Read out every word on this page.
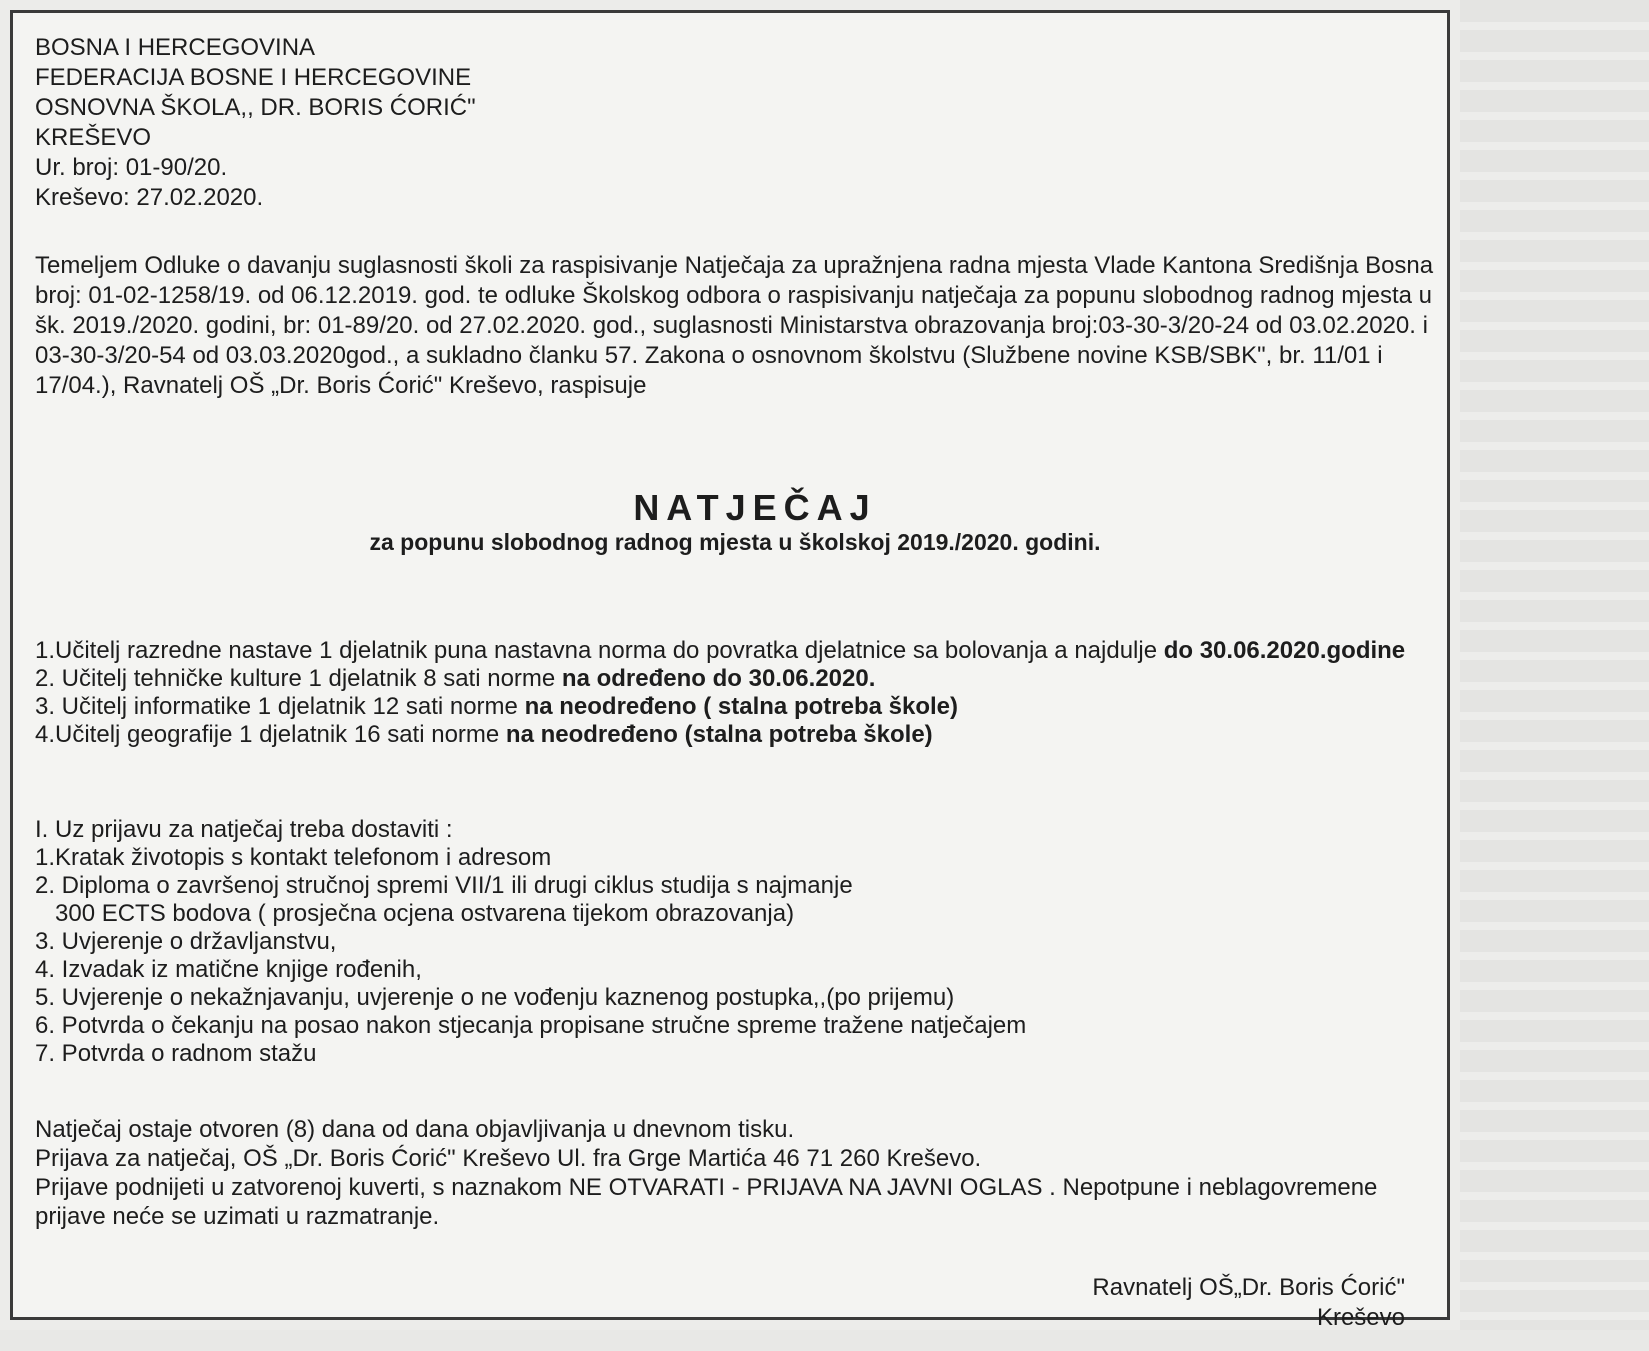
BOSNA I HERCEGOVINA
FEDERACIJA BOSNE I HERCEGOVINE
OSNOVNA ŠKOLA,, DR. BORIS ĆORIĆ"
KREŠEVO
Ur. broj: 01-90/20.
Kreševo: 27.02.2020.
Temeljem Odluke o davanju suglasnosti školi za raspisivanje Natječaja za upražnjena radna mjesta Vlade Kantona Središnja Bosna broj: 01-02-1258/19. od 06.12.2019. god. te odluke Školskog odbora o raspisivanju natječaja za popunu slobodnog radnog mjesta u šk. 2019./2020. godini, br: 01-89/20. od 27.02.2020. god., suglasnosti Ministarstva obrazovanja broj:03-30-3/20-24 od 03.02.2020. i 03-30-3/20-54 od 03.03.2020god., a sukladno članku 57. Zakona o osnovnom školstvu (Službene novine KSB/SBK", br. 11/01 i 17/04.), Ravnatelj OŠ „Dr. Boris Ćorić" Kreševo, raspisuje
NATJEČAJ
za popunu slobodnog radnog mjesta u školskoj 2019./2020. godini.
1.Učitelj razredne nastave 1 djelatnik puna nastavna norma do povratka djelatnice sa bolovanja a najdulje do 30.06.2020.godine
2. Učitelj tehničke kulture 1 djelatnik 8 sati norme na određeno do 30.06.2020.
3. Učitelj informatike 1 djelatnik 12 sati norme na neodređeno ( stalna potreba škole)
4.Učitelj geografije 1 djelatnik 16 sati norme na neodređeno (stalna potreba škole)
I. Uz prijavu za natječaj treba dostaviti :
1.Kratak životopis s kontakt telefonom i adresom
2. Diploma o završenoj stručnoj spremi VII/1 ili drugi ciklus studija s najmanje
300 ECTS bodova ( prosječna ocjena ostvarena tijekom obrazovanja)
3. Uvjerenje o državljanstvu,
4. Izvadak iz matične knjige rođenih,
5. Uvjerenje o nekažnjavanju, uvjerenje o ne vođenju kaznenog postupka,,(po prijemu)
6. Potvrda o čekanju na posao nakon stjecanja propisane stručne spreme tražene natječajem
7. Potvrda o radnom stažu
Natječaj ostaje otvoren (8) dana od dana objavljivanja u dnevnom tisku.
Prijava za natječaj, OŠ „Dr. Boris Ćorić" Kreševo Ul. fra Grge Martića 46 71 260 Kreševo.
Prijave podnijeti u zatvorenoj kuverti, s naznakom NE OTVARATI - PRIJAVA NA JAVNI OGLAS . Nepotpune i neblagovremene prijave neće se uzimati u razmatranje.
Ravnatelj OŠ„Dr. Boris Ćorić"
Kreševo
